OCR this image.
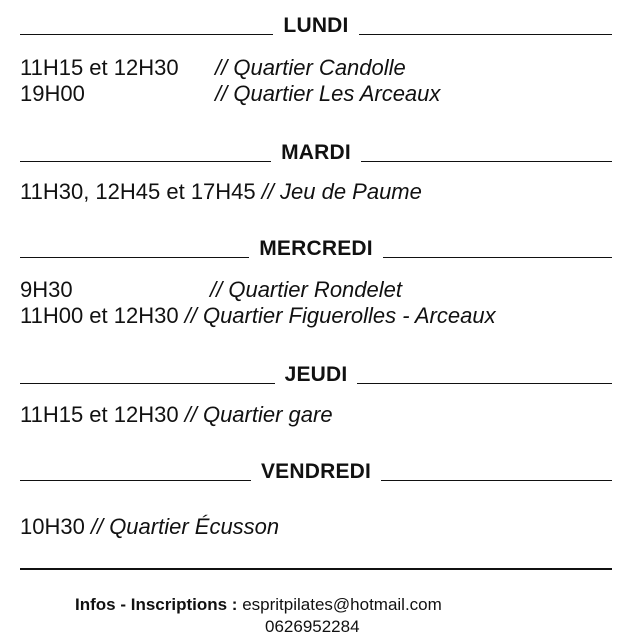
LUNDI
11H15 et 12H30	// Quartier Candolle
19H00	// Quartier Les Arceaux
MARDI
11H30, 12H45 et 17H45	// Jeu de Paume
MERCREDI
9H30	// Quartier Rondelet
11H00 et 12H30	// Quartier Figuerolles - Arceaux
JEUDI
11H15 et 12H30	// Quartier gare
VENDREDI
10H30	// Quartier Écusson
Infos - Inscriptions : espritpilates@hotmail.com
0626952284
